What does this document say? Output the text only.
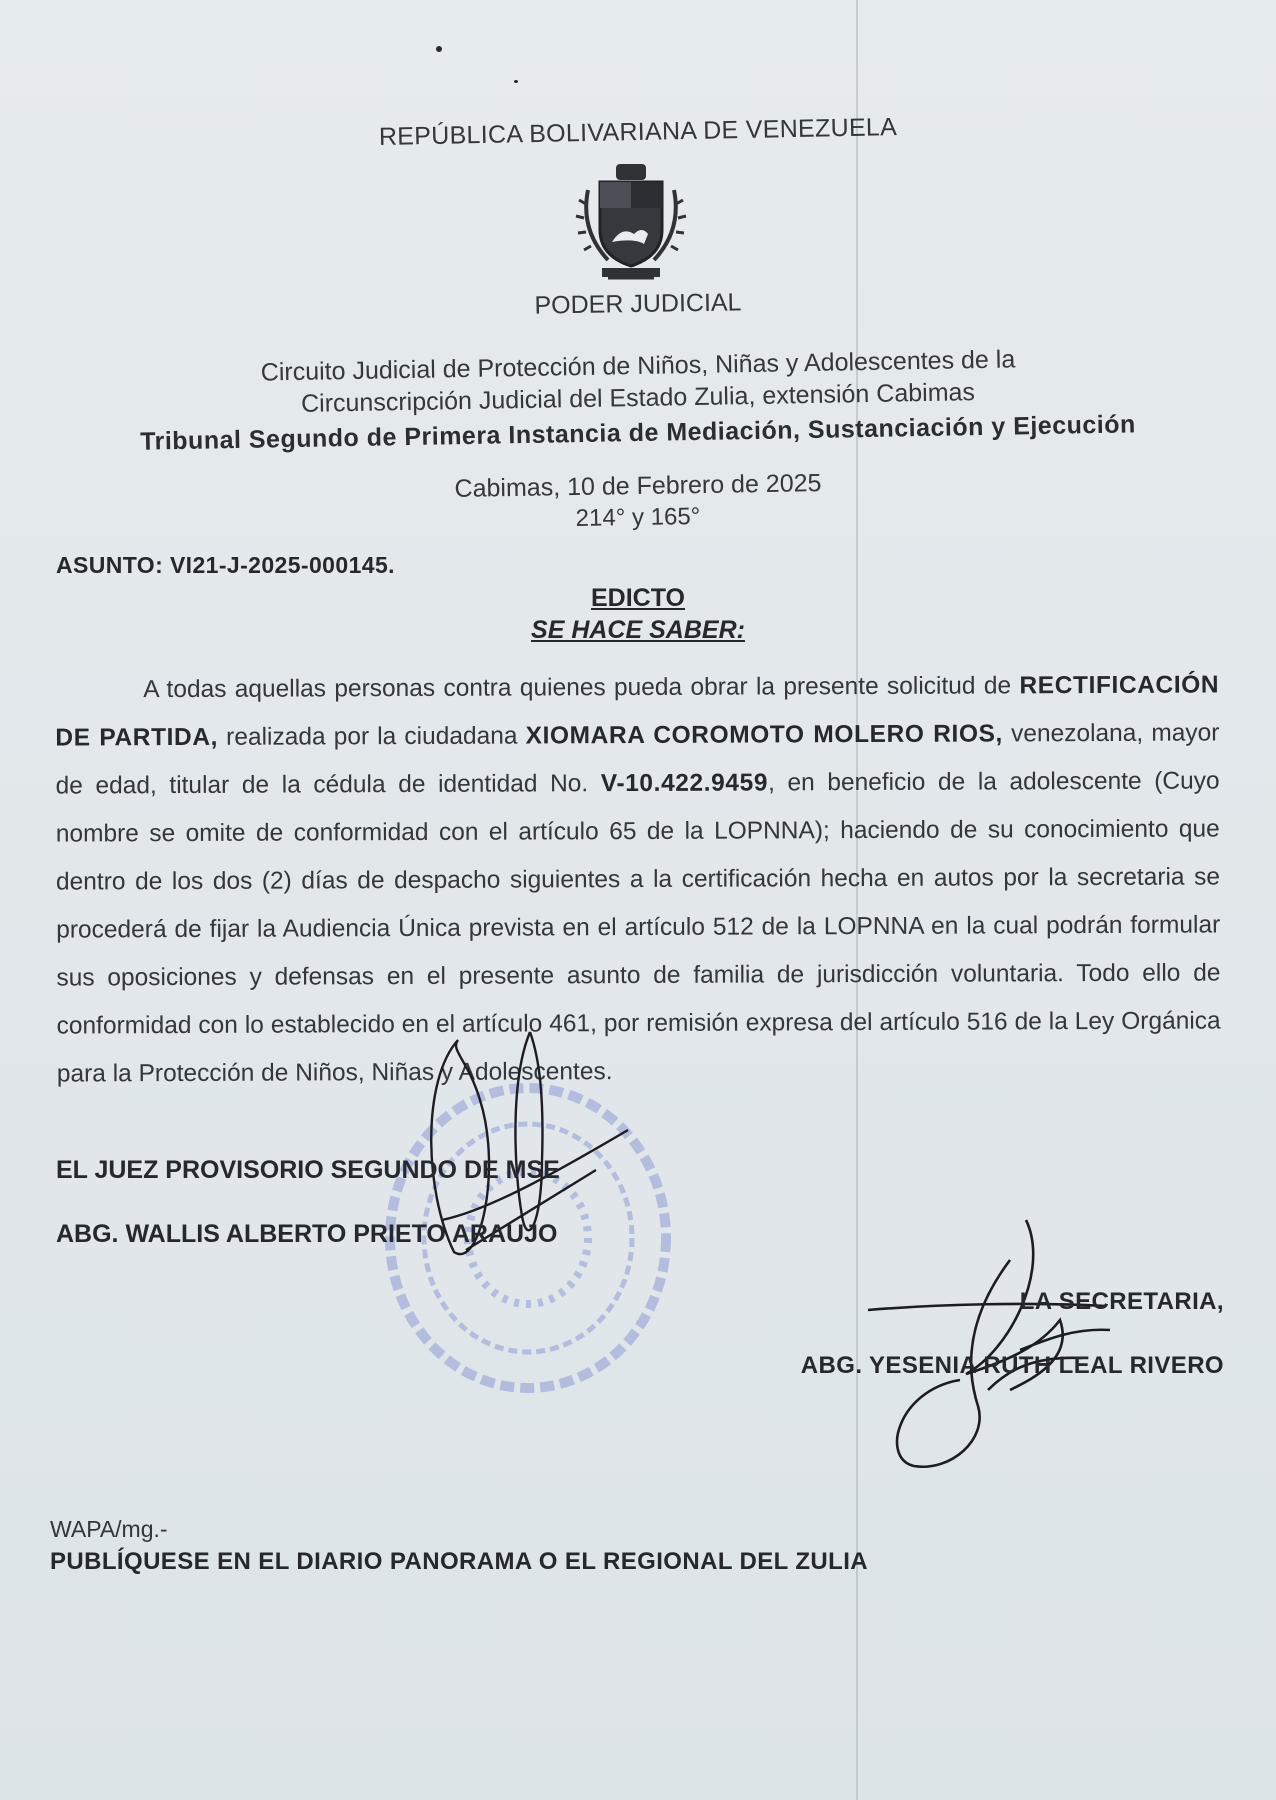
REPÚBLICA BOLIVARIANA DE VENEZUELA
PODER JUDICIAL
Circuito Judicial de Protección de Niños, Niñas y Adolescentes de la
Circunscripción Judicial del Estado Zulia, extensión Cabimas
Tribunal Segundo de Primera Instancia de Mediación, Sustanciación y Ejecución
Cabimas, 10 de Febrero de 2025
214° y 165°
ASUNTO: VI21-J-2025-000145.
EDICTO
SE HACE SABER:
A todas aquellas personas contra quienes pueda obrar la presente solicitud de RECTIFICACIÓN DE PARTIDA, realizada por la ciudadana XIOMARA COROMOTO MOLERO RIOS, venezolana, mayor de edad, titular de la cédula de identidad No. V-10.422.9459, en beneficio de la adolescente (Cuyo nombre se omite de conformidad con el artículo 65 de la LOPNNA); haciendo de su conocimiento que dentro de los dos (2) días de despacho siguientes a la certificación hecha en autos por la secretaria se procederá de fijar la Audiencia Única prevista en el artículo 512 de la LOPNNA en la cual podrán formular sus oposiciones y defensas en el presente asunto de familia de jurisdicción voluntaria. Todo ello de conformidad con lo establecido en el artículo 461, por remisión expresa del artículo 516 de la Ley Orgánica para la Protección de Niños, Niñas y Adolescentes.
EL JUEZ PROVISORIO SEGUNDO DE MSE
ABG. WALLIS ALBERTO PRIETO ARAUJO
LA SECRETARIA,
ABG. YESENIA RUTH LEAL RIVERO
WAPA/mg.-
PUBLÍQUESE EN EL DIARIO PANORAMA O EL REGIONAL DEL ZULIA
